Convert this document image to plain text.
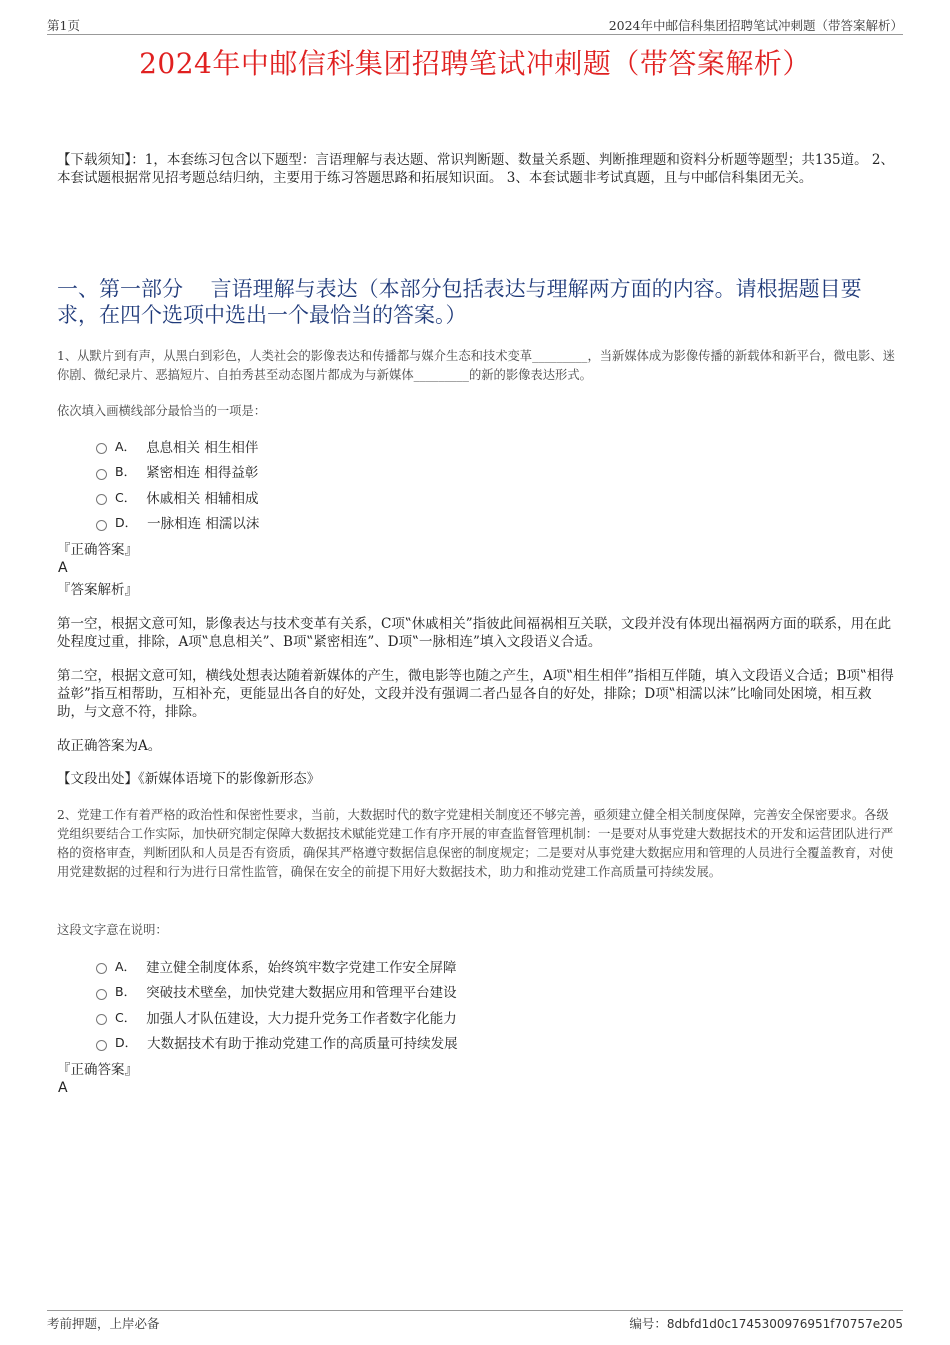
第1页	2024年中邮信科集团招聘笔试冲刺题（带答案解析）
2024年中邮信科集团招聘笔试冲刺题（带答案解析）
【下载须知】：1，本套练习包含以下题型：言语理解与表达题、常识判断题、数量关系题、判断推理题和资料分析题等题型；共135道。 2、本套试题根据常见招考题总结归纳，主要用于练习答题思路和拓展知识面。 3、本套试题非考试真题，且与中邮信科集团无关。
一、第一部分　 言语理解与表达（本部分包括表达与理解两方面的内容。请根据题目要求，在四个选项中选出一个最恰当的答案。）
1、从默片到有声，从黑白到彩色，人类社会的影像表达和传播都与媒介生态和技术变革_________，当新媒体成为影像传播的新载体和新平台，微电影、迷你剧、微纪录片、恶搞短片、自拍秀甚至动态图片都成为与新媒体_________的新的影像表达形式。
依次填入画横线部分最恰当的一项是：
A． 息息相关 相生相伴
B． 紧密相连 相得益彰
C． 休戚相关 相辅相成
D． 一脉相连 相濡以沫
『正确答案』
A
『答案解析』
第一空，根据文意可知，影像表达与技术变革有关系，C项‟休戚相关”指彼此间福祸相互关联，文段并没有体现出福祸两方面的联系，用在此处程度过重，排除，A项‟息息相关”、B项‟紧密相连”、D项‟一脉相连”填入文段语义合适。
第二空，根据文意可知，横线处想表达随着新媒体的产生，微电影等也随之产生，A项‟相生相伴”指相互伴随，填入文段语义合适；B项‟相得益彰”指互相帮助，互相补充，更能显出各自的好处，文段并没有强调二者凸显各自的好处，排除；D项‟相濡以沫”比喻同处困境，相互救助，与文意不符，排除。
故正确答案为A。
【文段出处】《新媒体语境下的影像新形态》
2、党建工作有着严格的政治性和保密性要求，当前，大数据时代的数字党建相关制度还不够完善，亟须建立健全相关制度保障，完善安全保密要求。各级党组织要结合工作实际，加快研究制定保障大数据技术赋能党建工作有序开展的审查监督管理机制：一是要对从事党建大数据技术的开发和运营团队进行严格的资格审查，判断团队和人员是否有资质，确保其严格遵守数据信息保密的制度规定；二是要对从事党建大数据应用和管理的人员进行全覆盖教育，对使用党建数据的过程和行为进行日常性监管，确保在安全的前提下用好大数据技术，助力和推动党建工作高质量可持续发展。
这段文字意在说明：
A． 建立健全制度体系，始终筑牢数字党建工作安全屏障
B． 突破技术壁垒，加快党建大数据应用和管理平台建设
C． 加强人才队伍建设，大力提升党务工作者数字化能力
D． 大数据技术有助于推动党建工作的高质量可持续发展
『正确答案』
A
考前押题，上岸必备	编号：8dbfd1d0c1745300976951f70757e205
